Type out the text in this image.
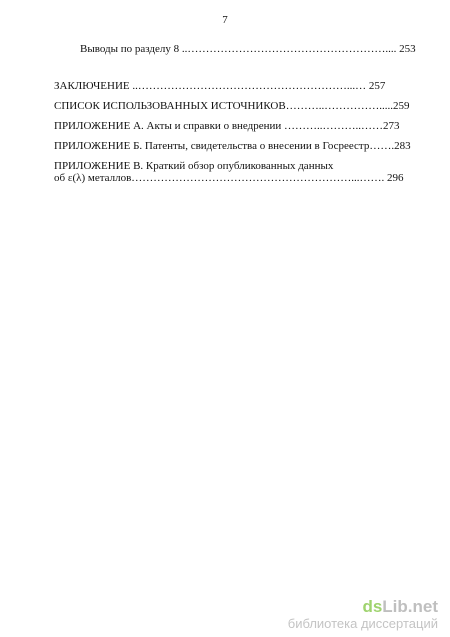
7
Выводы по разделу 8 ..……………………………………………….... 253
ЗАКЛЮЧЕНИЕ ..…………………………………………………...… 257
СПИСОК ИСПОЛЬЗОВАННЫХ ИСТОЧНИКОВ………..…………….....259
ПРИЛОЖЕНИЕ А. Акты и справки о внедрении ………..………..……273
ПРИЛОЖЕНИЕ Б. Патенты, свидетельства о внесении в Госреестр…….283
ПРИЛОЖЕНИЕ В. Краткий обзор опубликованных данных
об ε(λ) металлов……………………………………………………...……. 296
dsLib.net
библиотека диссертаций
